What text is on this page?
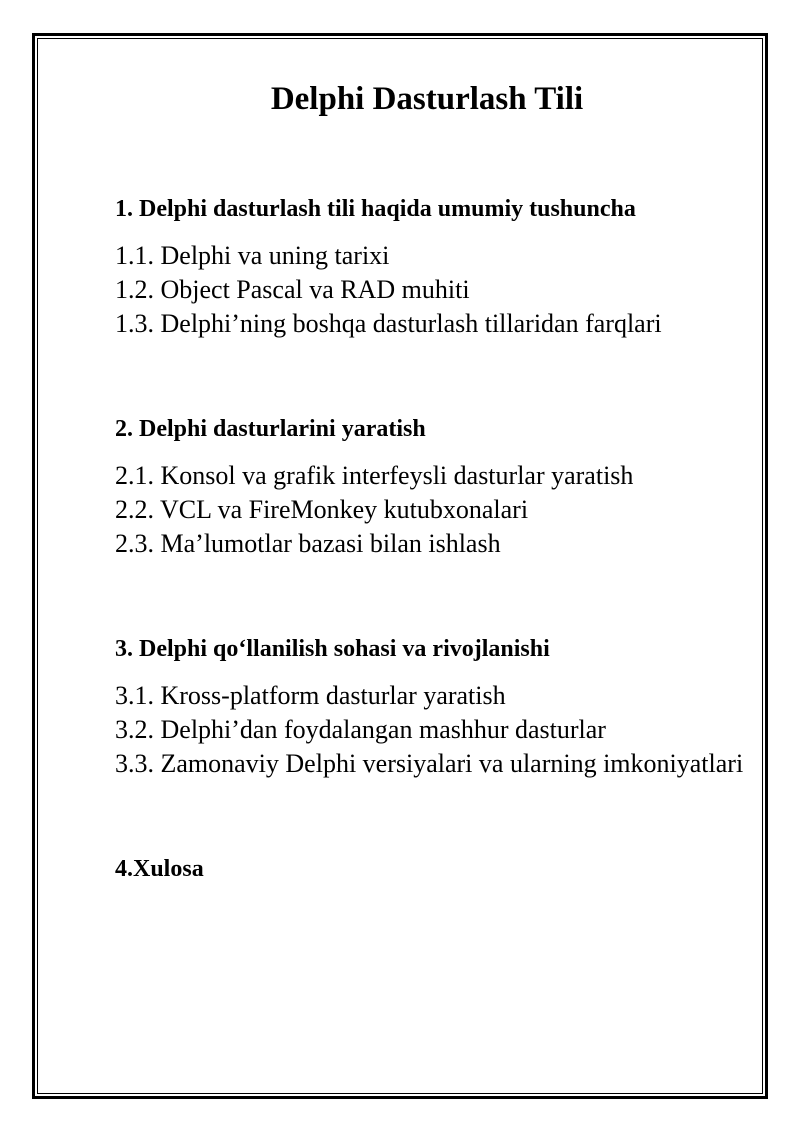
Delphi Dasturlash Tili
1. Delphi dasturlash tili haqida umumiy tushuncha
1.1. Delphi va uning tarixi
1.2. Object Pascal va RAD muhiti
1.3. Delphi’ning boshqa dasturlash tillaridan farqlari
2. Delphi dasturlarini yaratish
2.1. Konsol va grafik interfeysli dasturlar yaratish
2.2. VCL va FireMonkey kutubxonalari
2.3. Ma’lumotlar bazasi bilan ishlash
3. Delphi qo‘llanilish sohasi va rivojlanishi
3.1. Kross-platform dasturlar yaratish
3.2. Delphi’dan foydalangan mashhur dasturlar
3.3. Zamonaviy Delphi versiyalari va ularning imkoniyatlari
4.Xulosa
